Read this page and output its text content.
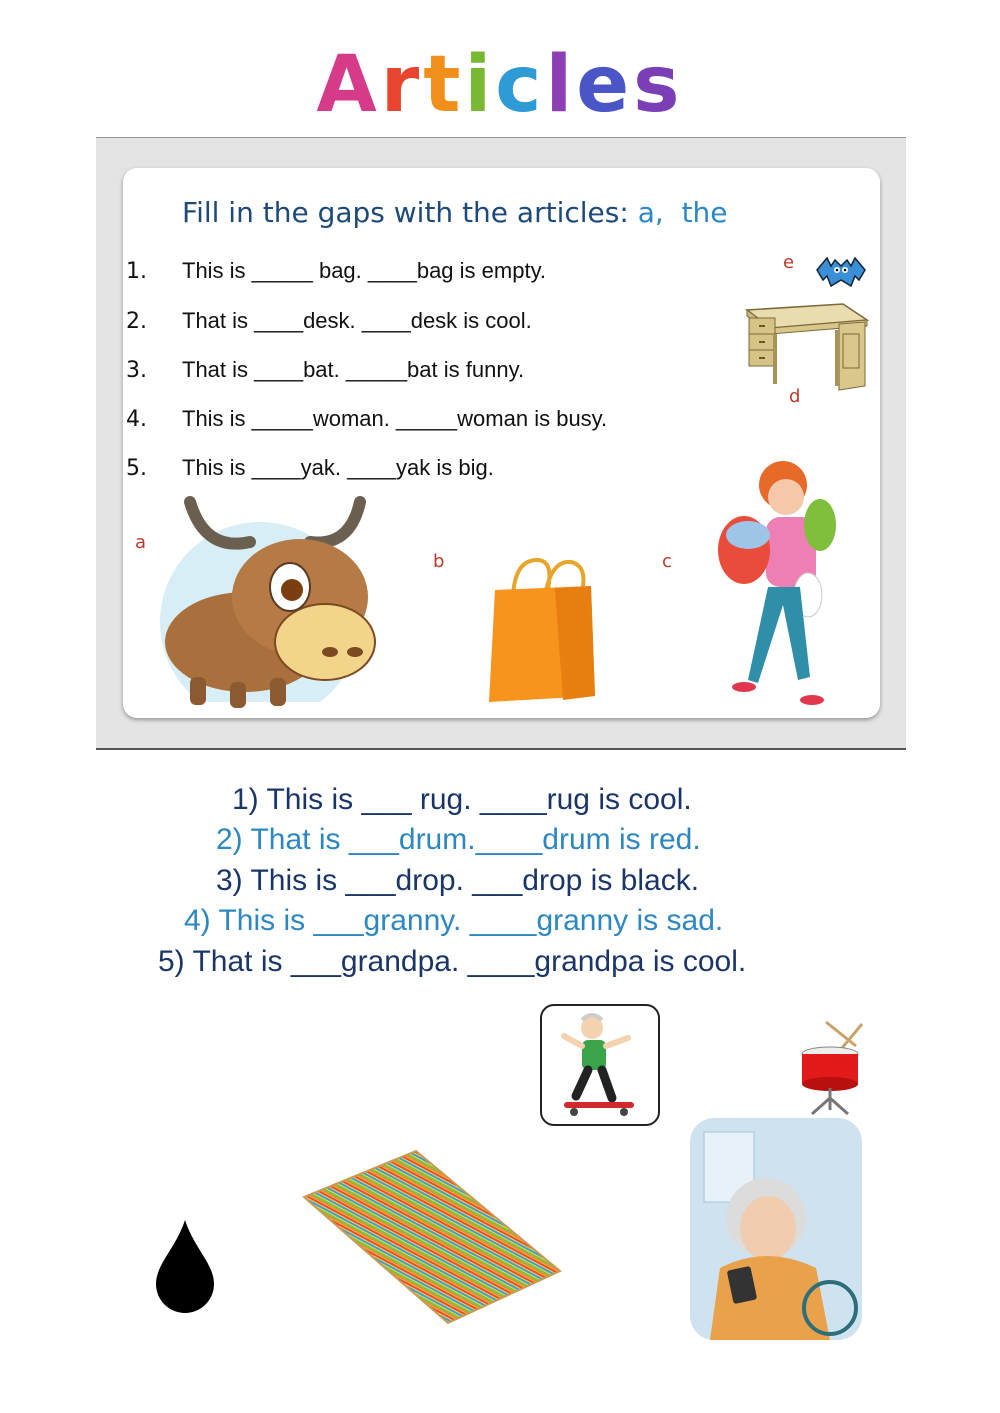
Articles
Fill in the gaps with the articles: a, the
1. This is _____ bag. ____bag is empty.
2. That is ____desk. ____desk is cool.
3. That is ____bat. _____bat is funny.
4. This is _____woman. _____woman is busy.
5. This is ____yak. ____yak is big.
a
b	c
d
e
1) This is ___ rug. ____rug is cool.
2) That is ___drum.____drum is red.
3) This is ___drop. ___drop is black.
4) This is ___granny. ____granny is sad.
5) That is ___grandpa. ____grandpa is cool.
